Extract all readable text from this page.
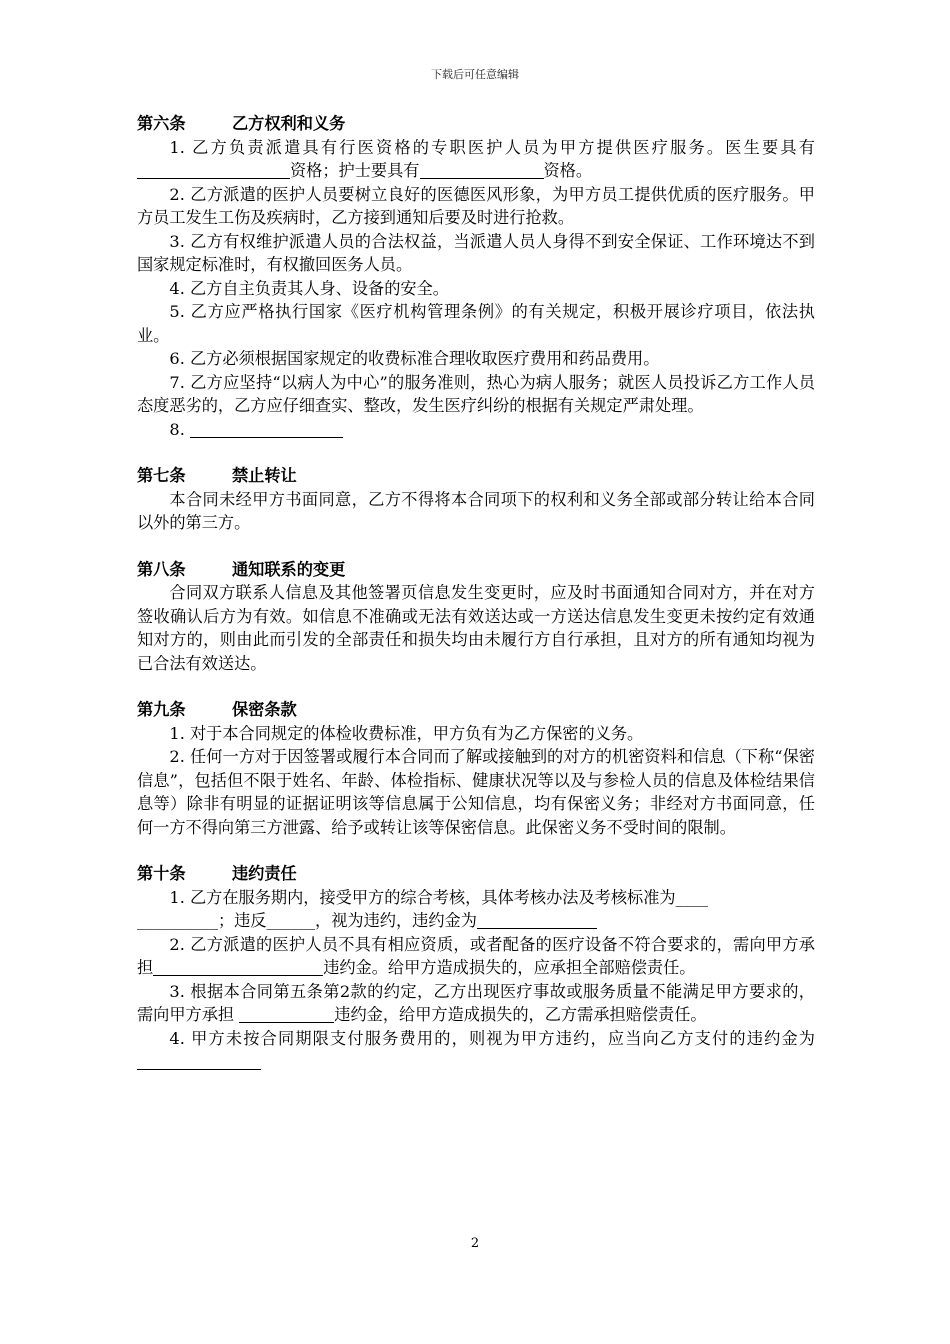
下载后可任意编辑
第六条	乙方权利和义务

1. 乙方负责派遣具有行医资格的专职医护人员为甲方提供医疗服务。医生要具有资格；护士要具有	资格。

2. 乙方派遣的医护人员要树立良好的医德医风形象，为甲方员工提供优质的医疗服务。甲方员工发生工伤及疾病时，乙方接到通知后要及时进行抢救。

3. 乙方有权维护派遣人员的合法权益，当派遣人员人身得不到安全保证、工作环境达不到国家规定标准时，有权撤回医务人员。

4. 乙方自主负责其人身、设备的安全。

5. 乙方应严格执行国家《医疗机构管理条例》的有关规定，积极开展诊疗项目，依法执业。

6. 乙方必须根据国家规定的收费标准合理收取医疗费用和药品费用。

7. 乙方应坚持“以病人为中心”的服务准则，热心为病人服务；就医人员投诉乙方工作人员态度恶劣的，乙方应仔细查实、整改，发生医疗纠纷的根据有关规定严肃处理。

8.

第七条	禁止转让

本合同未经甲方书面同意，乙方不得将本合同项下的权利和义务全部或部分转让给本合同以外的第三方。

第八条	通知联系的变更

合同双方联系人信息及其他签署页信息发生变更时，应及时书面通知合同对方，并在对方签收确认后方为有效。如信息不准确或无法有效送达或一方送达信息发生变更未按约定有效通知对方的，则由此而引发的全部责任和损失均由未履行方自行承担，且对方的所有通知均视为已合法有效送达。

第九条	保密条款

1. 对于本合同规定的体检收费标准，甲方负有为乙方保密的义务。

2. 任何一方对于因签署或履行本合同而了解或接触到的对方的机密资料和信息（下称“保密信息”，包括但不限于姓名、年龄、体检指标、健康状况等以及与参检人员的信息及体检结果信息等）除非有明显的证据证明该等信息属于公知信息，均有保密义务；非经对方书面同意，任何一方不得向第三方泄露、给予或转让该等保密信息。此保密义务不受时间的限制。

第十条	违约责任

1. 乙方在服务期内，接受甲方的综合考核，具体考核办法及考核标准为____
__________；违反______，视为违约，违约金为

2. 乙方派遣的医护人员不具有相应资质，或者配备的医疗设备不符合要求的，需向甲方承担	违约金。给甲方造成损失的，应承担全部赔偿责任。

3. 根据本合同第五条第2款的约定，乙方出现医疗事故或服务质量不能满足甲方要求的，需向甲方承担	违约金，给甲方造成损失的，乙方需承担赔偿责任。

4. 甲方未按合同期限支付服务费用的，则视为甲方违约，应当向乙方支付的违约金为

2
